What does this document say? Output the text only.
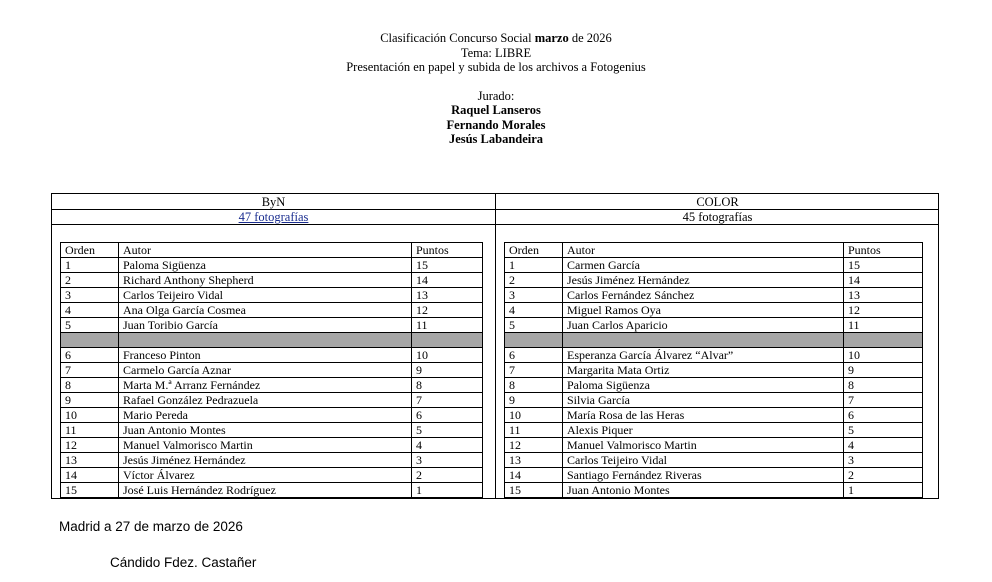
Clasificación Concurso Social marzo de 2026
Tema: LIBRE
Presentación en papel y subida de los archivos a Fotogenius
Jurado:
Raquel Lanseros
Fernando Morales
Jesús Labandeira
ByN	COLOR
47 fotografías	45 fotografías
Orden	Autor	Puntos
1	Paloma Sigüenza	15
2	Richard Anthony Shepherd	14
3	Carlos Teijeiro Vidal	13
4	Ana Olga García Cosmea	12
5	Juan Toribio García	11

6	Franceso Pinton	10
7	Carmelo García Aznar	9
8	Marta M.ª Arranz Fernández	8
9	Rafael González Pedrazuela	7
10	Mario Pereda	6
11	Juan Antonio Montes	5
12	Manuel Valmorisco Martin	4
13	Jesús Jiménez Hernández	3
14	Víctor Álvarez	2
15	José Luis Hernández Rodríguez	1
Orden	Autor	Puntos
1	Carmen García	15
2	Jesús Jiménez Hernández	14
3	Carlos Fernández Sánchez	13
4	Miguel Ramos Oya	12
5	Juan Carlos Aparicio	11

6	Esperanza García Álvarez “Alvar”	10
7	Margarita Mata Ortiz	9
8	Paloma Sigüenza	8
9	Silvia García	7
10	María Rosa de las Heras	6
11	Alexis Piquer	5
12	Manuel Valmorisco Martin	4
13	Carlos Teijeiro Vidal	3
14	Santiago Fernández Riveras	2
15	Juan Antonio Montes	1
Madrid a 27 de marzo de 2026
Cándido Fdez. Castañer
